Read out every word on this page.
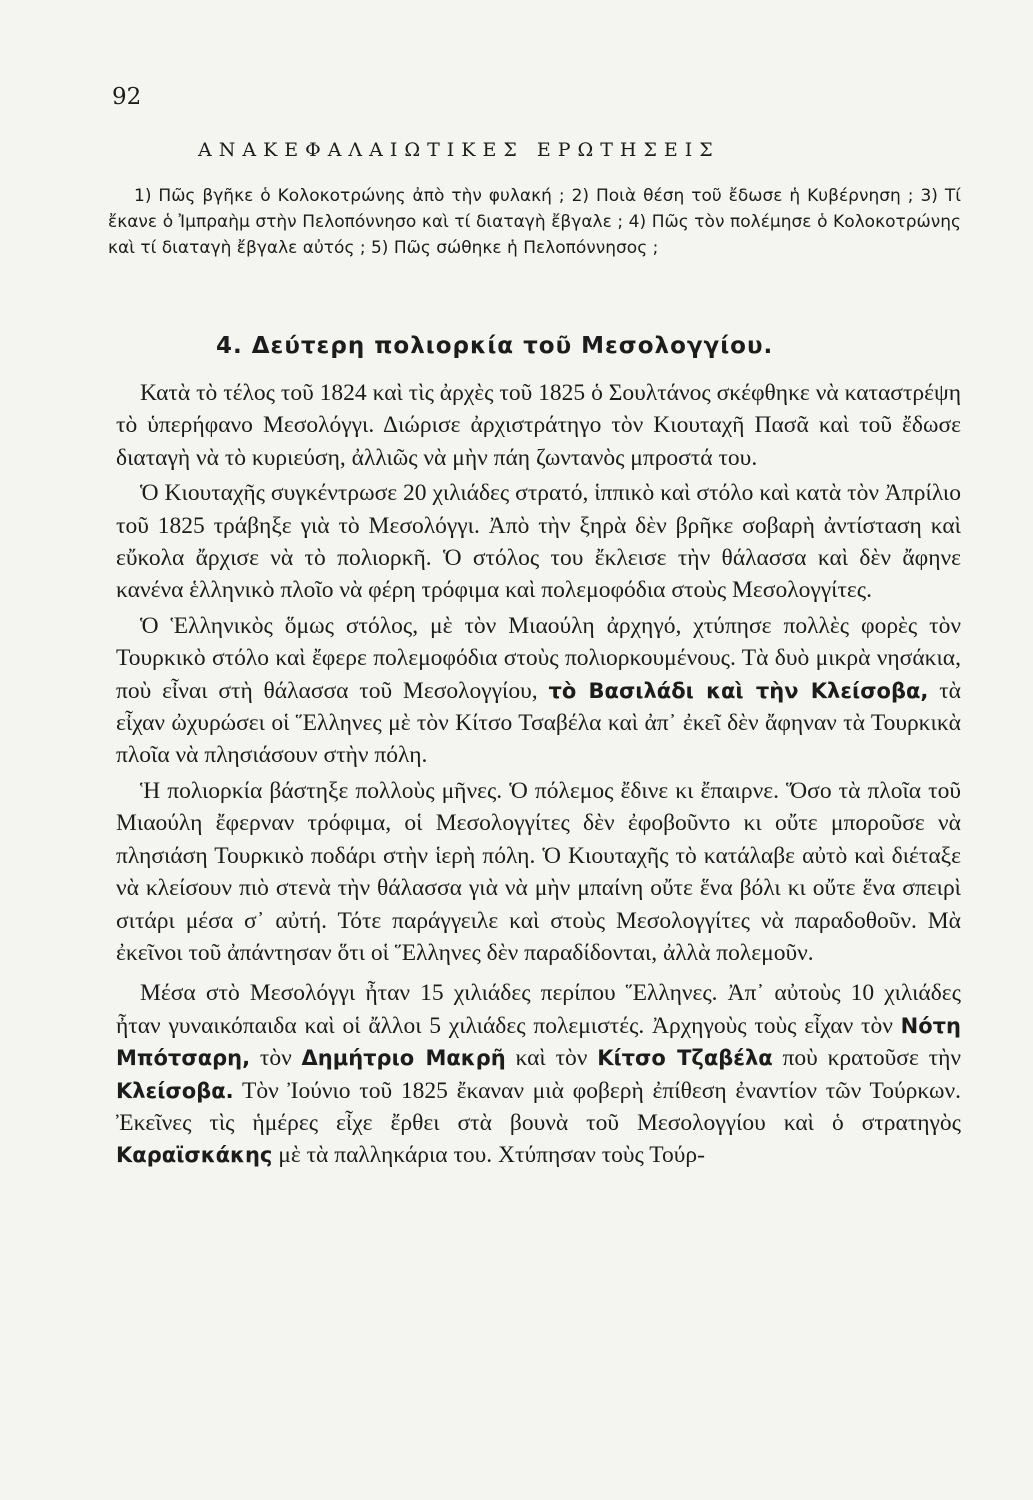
92
ΑΝΑΚΕΦΑΛΑΙΩΤΙΚΕΣ ΕΡΩΤΗΣΕΙΣ
1) Πῶς βγῆκε ὁ Κολοκοτρώνης ἀπὸ τὴν φυλακή ; 2) Ποιὰ θέση τοῦ ἔδωσε ἡ Κυβέρνηση ; 3) Τί ἔκανε ὁ Ἰμπραὴμ στὴν Πελοπόννησο καὶ τί διαταγὴ ἔβγαλε ; 4) Πῶς τὸν πολέμησε ὁ Κολοκοτρώνης καὶ τί διαταγὴ ἔβγαλε αὐτός ; 5) Πῶς σώθηκε ἡ Πελοπόννησος ;
4. Δεύτερη πολιορκία τοῦ Μεσολογγίου.

Κατὰ τὸ τέλος τοῦ 1824 καὶ τὶς ἀρχὲς τοῦ 1825 ὁ Σουλτάνος σκέφθηκε νὰ καταστρέψη τὸ ὑπερήφανο Μεσολόγγι. Διώρισε ἀρχιστράτηγο τὸν Κιουταχῆ Πασᾶ καὶ τοῦ ἔδωσε διαταγὴ νὰ τὸ κυριεύση, ἀλλιῶς νὰ μὴν πάη ζωντανὸς μπροστά του.

Ὁ Κιουταχῆς συγκέντρωσε 20 χιλιάδες στρατό, ἱππικὸ καὶ στόλο καὶ κατὰ τὸν Ἀπρίλιο τοῦ 1825 τράβηξε γιὰ τὸ Μεσολόγγι. Ἀπὸ τὴν ξηρὰ δὲν βρῆκε σοβαρὴ ἀντίσταση καὶ εὔκολα ἄρχισε νὰ τὸ πολιορκῆ. Ὁ στόλος του ἔκλεισε τὴν θάλασσα καὶ δὲν ἄφηνε κανένα ἑλληνικὸ πλοῖο νὰ φέρη τρόφιμα καὶ πολεμοφόδια στοὺς Μεσολογγίτες.

Ὁ Ἑλληνικὸς ὅμως στόλος, μὲ τὸν Μιαούλη ἀρχηγό, χτύπησε πολλὲς φορὲς τὸν Τουρκικὸ στόλο καὶ ἔφερε πολεμοφόδια στοὺς πολιορκουμένους. Τὰ δυὸ μικρὰ νησάκια, ποὺ εἶναι στὴ θάλασσα τοῦ Μεσολογγίου, τὸ Βασιλάδι καὶ τὴν Κλείσοβα, τὰ εἶχαν ὠχυρώσει οἱ Ἕλληνες μὲ τὸν Κίτσο Τσαβέλα καὶ ἀπ᾿ ἐκεῖ δὲν ἄφηναν τὰ Τουρκικὰ πλοῖα νὰ πλησιάσουν στὴν πόλη.

Ἡ πολιορκία βάστηξε πολλοὺς μῆνες. Ὁ πόλεμος ἔδινε κι ἔπαιρνε. Ὅσο τὰ πλοῖα τοῦ Μιαούλη ἔφερναν τρόφιμα, οἱ Μεσολογγίτες δὲν ἐφοβοῦντο κι οὔτε μποροῦσε νὰ πλησιάση Τουρκικὸ ποδάρι στὴν ἱερὴ πόλη. Ὁ Κιουταχῆς τὸ κατάλαβε αὐτὸ καὶ διέταξε νὰ κλείσουν πιὸ στενὰ τὴν θάλασσα γιὰ νὰ μὴν μπαίνη οὔτε ἕνα βόλι κι οὔτε ἕνα σπειρὶ σιτάρι μέσα σ᾿ αὐτή. Τότε παράγγειλε καὶ στοὺς Μεσολογγίτες νὰ παραδοθοῦν. Μὰ ἐκεῖνοι τοῦ ἀπάντησαν ὅτι οἱ Ἕλληνες δὲν παραδίδονται, ἀλλὰ πολεμοῦν.

Μέσα στὸ Μεσολόγγι ἦταν 15 χιλιάδες περίπου Ἕλληνες. Ἀπ᾿ αὐτοὺς 10 χιλιάδες ἦταν γυναικόπαιδα καὶ οἱ ἄλλοι 5 χιλιάδες πολεμιστές. Ἀρχηγοὺς τοὺς εἶχαν τὸν Νότη Μπότσαρη, τὸν Δημήτριο Μακρῆ καὶ τὸν Κίτσο Τζαβέλα ποὺ κρατοῦσε τὴν Κλείσοβα. Τὸν Ἰούνιο τοῦ 1825 ἔκαναν μιὰ φοβερὴ ἐπίθεση ἐναντίον τῶν Τούρκων. Ἐκεῖνες τὶς ἡμέρες εἶχε ἔρθει στὰ βουνὰ τοῦ Μεσολογγίου καὶ ὁ στρατηγὸς Καραϊσκάκης μὲ τὰ παλληκάρια του. Χτύπησαν τοὺς Τούρ-
